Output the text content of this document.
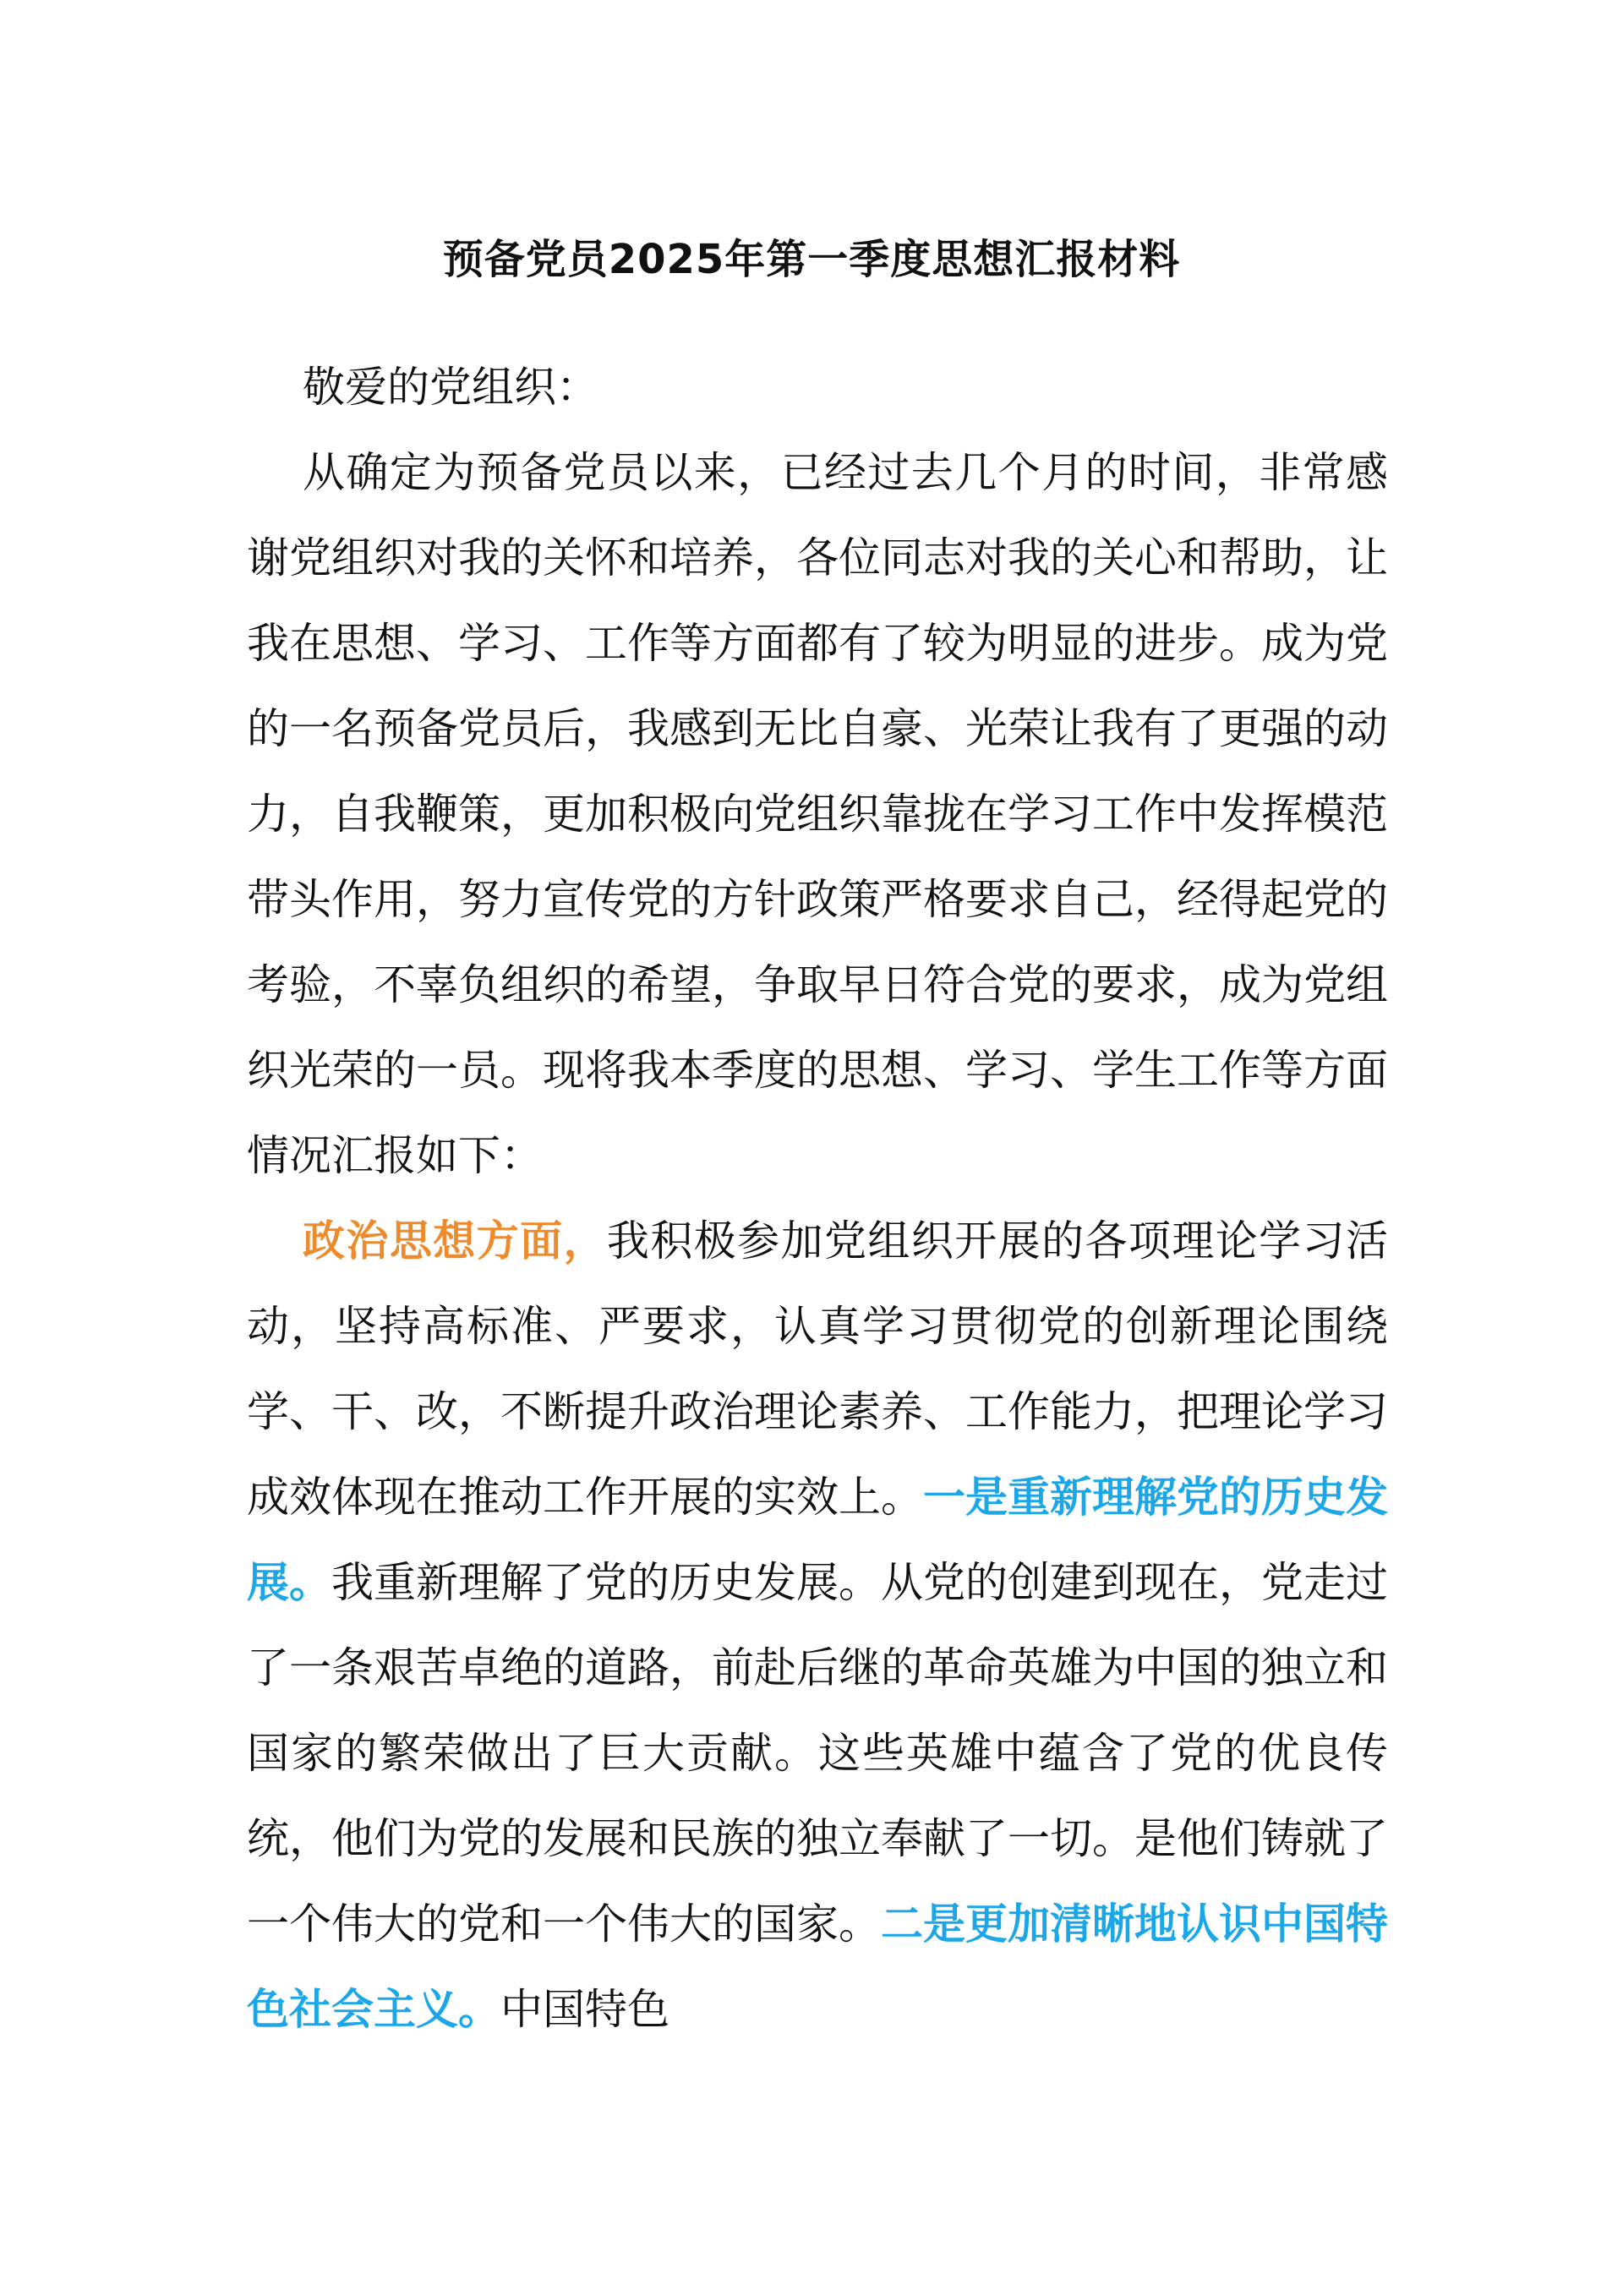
预备党员2025年第一季度思想汇报材料

敬爱的党组织：

从确定为预备党员以来，已经过去几个月的时间，非常感谢党组织对我的关怀和培养，各位同志对我的关心和帮助，让我在思想、学习、工作等方面都有了较为明显的进步。成为党的一名预备党员后，我感到无比自豪、光荣让我有了更强的动力，自我鞭策，更加积极向党组织靠拢在学习工作中发挥模范带头作用，努力宣传党的方针政策严格要求自己，经得起党的考验，不辜负组织的希望，争取早日符合党的要求，成为党组织光荣的一员。现将我本季度的思想、学习、学生工作等方面情况汇报如下：

政治思想方面，我积极参加党组织开展的各项理论学习活动，坚持高标准、严要求，认真学习贯彻党的创新理论围绕学、干、改，不断提升政治理论素养、工作能力，把理论学习成效体现在推动工作开展的实效上。一是重新理解党的历史发展。我重新理解了党的历史发展。从党的创建到现在，党走过了一条艰苦卓绝的道路，前赴后继的革命英雄为中国的独立和国家的繁荣做出了巨大贡献。这些英雄中蕴含了党的优良传统，他们为党的发展和民族的独立奉献了一切。是他们铸就了一个伟大的党和一个伟大的国家。二是更加清晰地认识中国特色社会主义。中国特色
